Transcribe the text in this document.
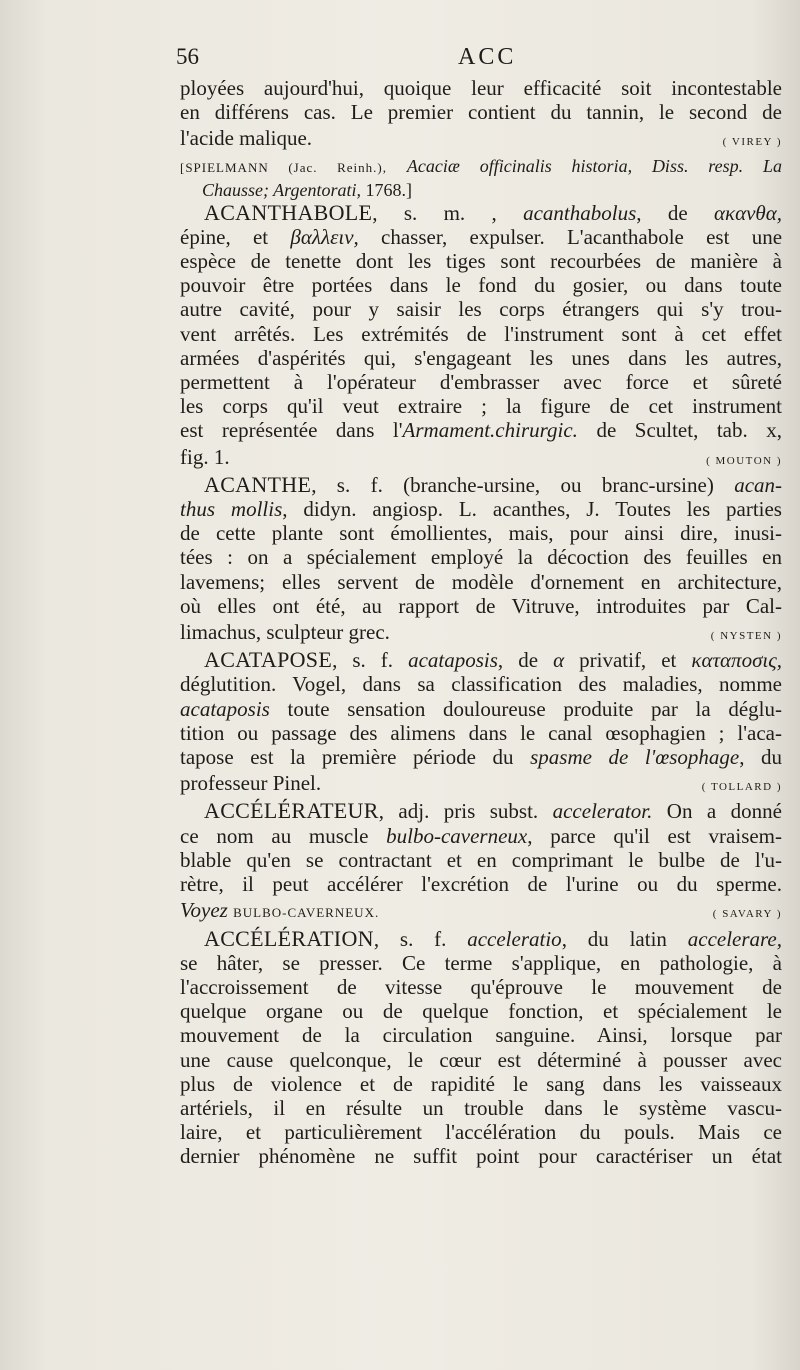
56	ACC

ployées aujourd'hui, quoique leur efficacité soit incontestable
en différens cas. Le premier contient du tannin, le second de
l'acide malique.	( VIREY )

[SPIELMANN (Jac. Reinh.), Acaciæ officinalis historia, Diss. resp. La
Chausse; Argentorati, 1768.]

ACANTHABOLE, s. m. , acanthabolus, de ακανθα,
épine, et βαλλειν, chasser, expulser. L'acanthabole est une
espèce de tenette dont les tiges sont recourbées de manière à
pouvoir être portées dans le fond du gosier, ou dans toute
autre cavité, pour y saisir les corps étrangers qui s'y trou-
vent arrêtés. Les extrémités de l'instrument sont à cet effet
armées d'aspérités qui, s'engageant les unes dans les autres,
permettent à l'opérateur d'embrasser avec force et sûreté
les corps qu'il veut extraire ; la figure de cet instrument
est représentée dans l'Armament.chirurgic. de Scultet, tab. x,
fig. 1.	( MOUTON )

ACANTHE, s. f. (branche-ursine, ou branc-ursine) acan-
thus mollis, didyn. angiosp. L. acanthes, J. Toutes les parties
de cette plante sont émollientes, mais, pour ainsi dire, inusi-
tées : on a spécialement employé la décoction des feuilles en
lavemens; elles servent de modèle d'ornement en architecture,
où elles ont été, au rapport de Vitruve, introduites par Cal-
limachus, sculpteur grec.	( NYSTEN )

ACATAPOSE, s. f. acataposis, de α privatif, et καταποσις,
déglutition. Vogel, dans sa classification des maladies, nomme
acataposis toute sensation douloureuse produite par la déglu-
tition ou passage des alimens dans le canal œsophagien ; l'aca-
tapose est la première période du spasme de l'œsophage, du
professeur Pinel.	( TOLLARD )

ACCÉLÉRATEUR, adj. pris subst. accelerator. On a donné
ce nom au muscle bulbo-caverneux, parce qu'il est vraisem-
blable qu'en se contractant et en comprimant le bulbe de l'u-
rètre, il peut accélérer l'excrétion de l'urine ou du sperme.
Voyez BULBO-CAVERNEUX.	( SAVARY )

ACCÉLÉRATION, s. f. acceleratio, du latin accelerare,
se hâter, se presser. Ce terme s'applique, en pathologie, à
l'accroissement de vitesse qu'éprouve le mouvement de
quelque organe ou de quelque fonction, et spécialement le
mouvement de la circulation sanguine. Ainsi, lorsque par
une cause quelconque, le cœur est déterminé à pousser avec
plus de violence et de rapidité le sang dans les vaisseaux
artériels, il en résulte un trouble dans le système vascu-
laire, et particulièrement l'accélération du pouls. Mais ce
dernier phénomène ne suffit point pour caractériser un état
